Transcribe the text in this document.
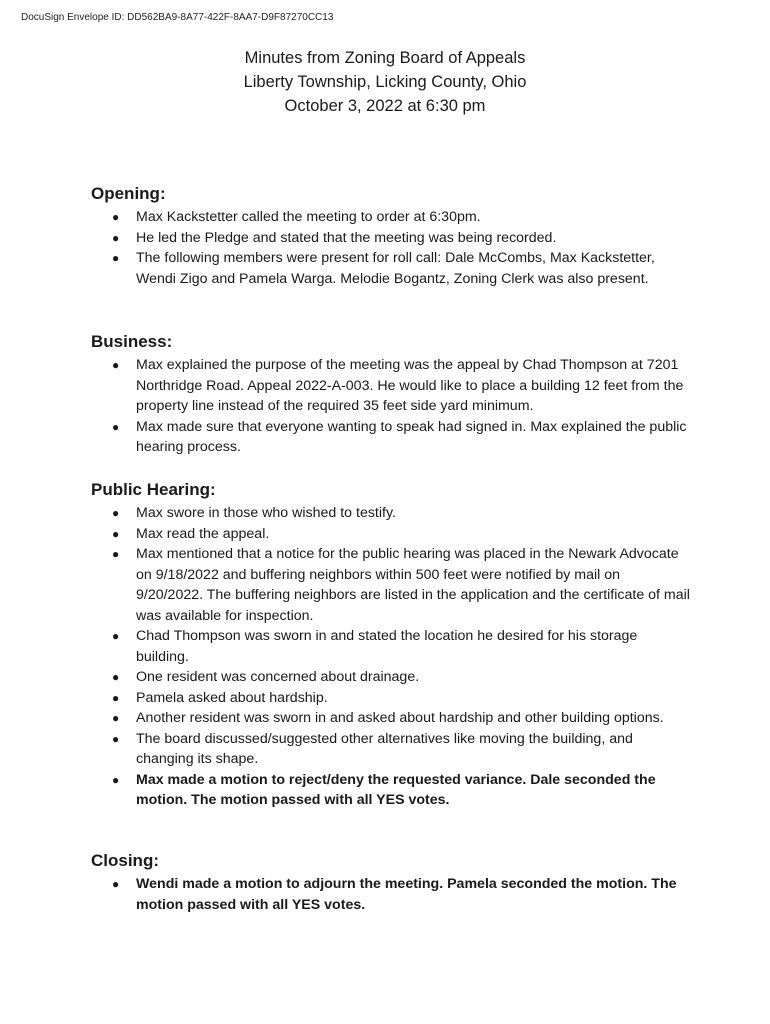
DocuSign Envelope ID: DD562BA9-8A77-422F-8AA7-D9F87270CC13
Minutes from Zoning Board of Appeals
Liberty Township, Licking County, Ohio
October 3, 2022 at 6:30 pm
Opening:
● Max Kackstetter called the meeting to order at 6:30pm.
● He led the Pledge and stated that the meeting was being recorded.
● The following members were present for roll call: Dale McCombs, Max Kackstetter, Wendi Zigo and Pamela Warga. Melodie Bogantz, Zoning Clerk was also present.
Business:
● Max explained the purpose of the meeting was the appeal by Chad Thompson at 7201 Northridge Road. Appeal 2022-A-003. He would like to place a building 12 feet from the property line instead of the required 35 feet side yard minimum.
● Max made sure that everyone wanting to speak had signed in. Max explained the public hearing process.
Public Hearing:
● Max swore in those who wished to testify.
● Max read the appeal.
● Max mentioned that a notice for the public hearing was placed in the Newark Advocate on 9/18/2022 and buffering neighbors within 500 feet were notified by mail on 9/20/2022. The buffering neighbors are listed in the application and the certificate of mail was available for inspection.
● Chad Thompson was sworn in and stated the location he desired for his storage building.
● One resident was concerned about drainage.
● Pamela asked about hardship.
● Another resident was sworn in and asked about hardship and other building options.
● The board discussed/suggested other alternatives like moving the building, and changing its shape.
● Max made a motion to reject/deny the requested variance. Dale seconded the motion. The motion passed with all YES votes.
Closing:
● Wendi made a motion to adjourn the meeting. Pamela seconded the motion. The motion passed with all YES votes.
